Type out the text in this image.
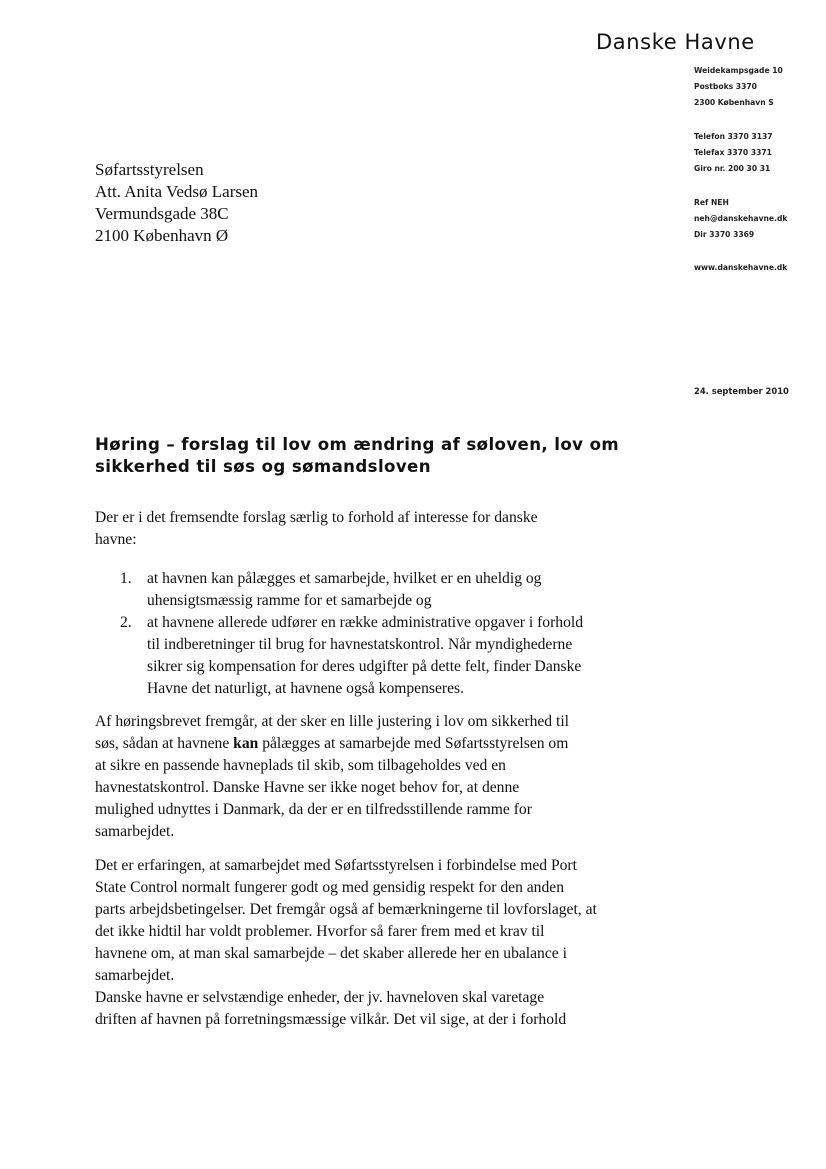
Danske Havne
Weidekampsgade 10
Postboks 3370
2300 København S
Telefon 3370 3137
Telefax 3370 3371
Giro nr. 200 30 31
Ref NEH
neh@danskehavne.dk
Dir 3370 3369
www.danskehavne.dk
24. september 2010
Søfartsstyrelsen
Att. Anita Vedsø Larsen
Vermundsgade 38C
2100 København Ø
Høring – forslag til lov om ændring af søloven, lov om
sikkerhed til søs og sømandsloven
Der er i det fremsendte forslag særlig to forhold af interesse for danske
havne:
1. at havnen kan pålægges et samarbejde, hvilket er en uheldig og
uhensigtsmæssig ramme for et samarbejde og
2. at havnene allerede udfører en række administrative opgaver i forhold
til indberetninger til brug for havnestatskontrol. Når myndighederne
sikrer sig kompensation for deres udgifter på dette felt, finder Danske
Havne det naturligt, at havnene også kompenseres.
Af høringsbrevet fremgår, at der sker en lille justering i lov om sikkerhed til
søs, sådan at havnene kan pålægges at samarbejde med Søfartsstyrelsen om
at sikre en passende havneplads til skib, som tilbageholdes ved en
havnestatskontrol. Danske Havne ser ikke noget behov for, at denne
mulighed udnyttes i Danmark, da der er en tilfredsstillende ramme for
samarbejdet.
Det er erfaringen, at samarbejdet med Søfartsstyrelsen i forbindelse med Port
State Control normalt fungerer godt og med gensidig respekt for den anden
parts arbejdsbetingelser. Det fremgår også af bemærkningerne til lovforslaget, at
det ikke hidtil har voldt problemer. Hvorfor så farer frem med et krav til
havnene om, at man skal samarbejde – det skaber allerede her en ubalance i
samarbejdet.
Danske havne er selvstændige enheder, der jv. havneloven skal varetage
driften af havnen på forretningsmæssige vilkår. Det vil sige, at der i forhold
